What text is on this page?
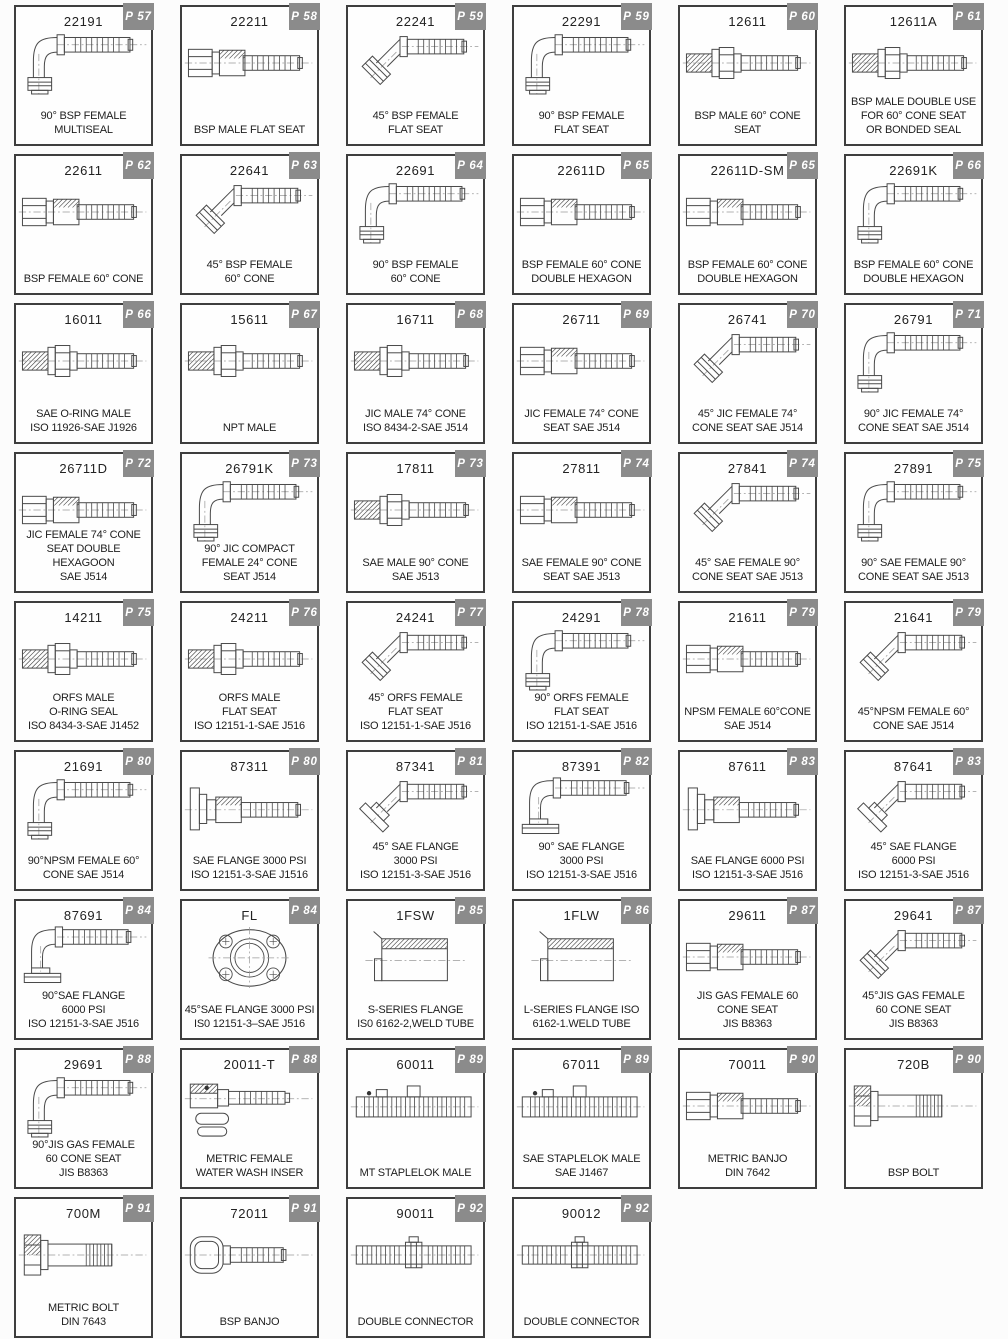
22191	P 57
90° BSP FEMALE
MULTISEAL
22211	P 58
BSP MALE FLAT SEAT
22241	P 59
45° BSP FEMALE
FLAT SEAT
22291	P 59
90° BSP FEMALE
FLAT SEAT
12611	P 60
BSP MALE 60° CONE SEAT
12611A	P 61
BSP MALE DOUBLE USE
FOR 60° CONE SEAT
OR BONDED SEAL
22611	P 62
BSP FEMALE 60° CONE
22641	P 63
45° BSP FEMALE
60° CONE
22691	P 64
90° BSP FEMALE
60° CONE
22611D	P 65
BSP FEMALE 60° CONE
DOUBLE HEXAGON
22611D-SM P 65
BSP FEMALE 60° CONE
DOUBLE HEXAGON
22691K	P 66
BSP FEMALE 60° CONE
DOUBLE HEXAGON
16011	P 66
SAE O-RING MALE
ISO 11926-SAE J1926
15611	P 67
NPT MALE
16711	P 68
JIC MALE 74° CONE
ISO 8434-2-SAE J514
26711	P 69
JIC FEMALE 74° CONE
SEAT SAE J514
26741	P 70
45° JIC FEMALE 74°
CONE SEAT SAE J514
26791	P 71
90° JIC FEMALE 74°
CONE SEAT SAE J514
26711D	P 72
JIC FEMALE 74° CONE
SEAT DOUBLE HEXAGOON
SAE J514
26791K	P 73
90° JIC COMPACT
FEMALE 24° CONE
SEAT J514
17811	P 73
SAE MALE 90° CONE
SAE J513
27811	P 74
SAE FEMALE 90° CONE
SEAT SAE J513
27841	P 74
45° SAE FEMALE 90°
CONE SEAT SAE J513
27891	P 75
90° SAE FEMALE 90°
CONE SEAT SAE J513
14211	P 75
ORFS MALE
O-RING SEAL
ISO 8434-3-SAE J1452
24211	P 76
ORFS MALE
FLAT SEAT
ISO 12151-1-SAE J516
24241	P 77
45° ORFS FEMALE
FLAT SEAT
ISO 12151-1-SAE J516
24291	P 78
90° ORFS FEMALE
FLAT SEAT
ISO 12151-1-SAE J516
21611	P 79
NPSM FEMALE 60°CONE
SAE J514
21641	P 79
45°NPSM FEMALE 60°
CONE SAE J514
21691	P 80
90°NPSM FEMALE 60°
CONE SAE J514
87311	P 80
SAE FLANGE 3000 PSI
ISO 12151-3-SAE J1516
87341	P 81
45° SAE FLANGE
3000 PSI
ISO 12151-3-SAE J516
87391	P 82
90° SAE FLANGE
3000 PSI
ISO 12151-3-SAE J516
87611	P 83
SAE FLANGE 6000 PSI
ISO 12151-3-SAE J516
87641	P 83
45° SAE FLANGE
6000 PSI
ISO 12151-3-SAE J516
87691	P 84
90°SAE FLANGE
6000 PSI
ISO 12151-3-SAE J516
FL	P 84
45°SAE FLANGE 3000 PSI
IS0 12151-3–SAE J516
1FSW	P 85
S-SERIES FLANGE
IS0 6162-2,WELD TUBE
1FLW	P 86
L-SERIES FLANGE ISO
6162-1.WELD TUBE
29611	P 87
JIS GAS FEMALE 60
CONE SEAT
JIS B8363
29641	P 87
45°JIS GAS FEMALE
60 CONE SEAT
JIS B8363
29691	P 88
90°JIS GAS FEMALE
60 CONE SEAT
JIS B8363
20011-T	P 88
METRIC FEMALE
WATER WASH INSER
60011	P 89
MT STAPLELOK MALE
67011	P 89
SAE STAPLELOK MALE
SAE J1467
70011	P 90
METRIC BANJO
DIN 7642
720B	P 90
BSP BOLT
700M	P 91
METRIC BOLT
DIN 7643
72011	P 91
BSP BANJO
90011	P 92
DOUBLE CONNECTOR
90012	P 92
DOUBLE CONNECTOR
